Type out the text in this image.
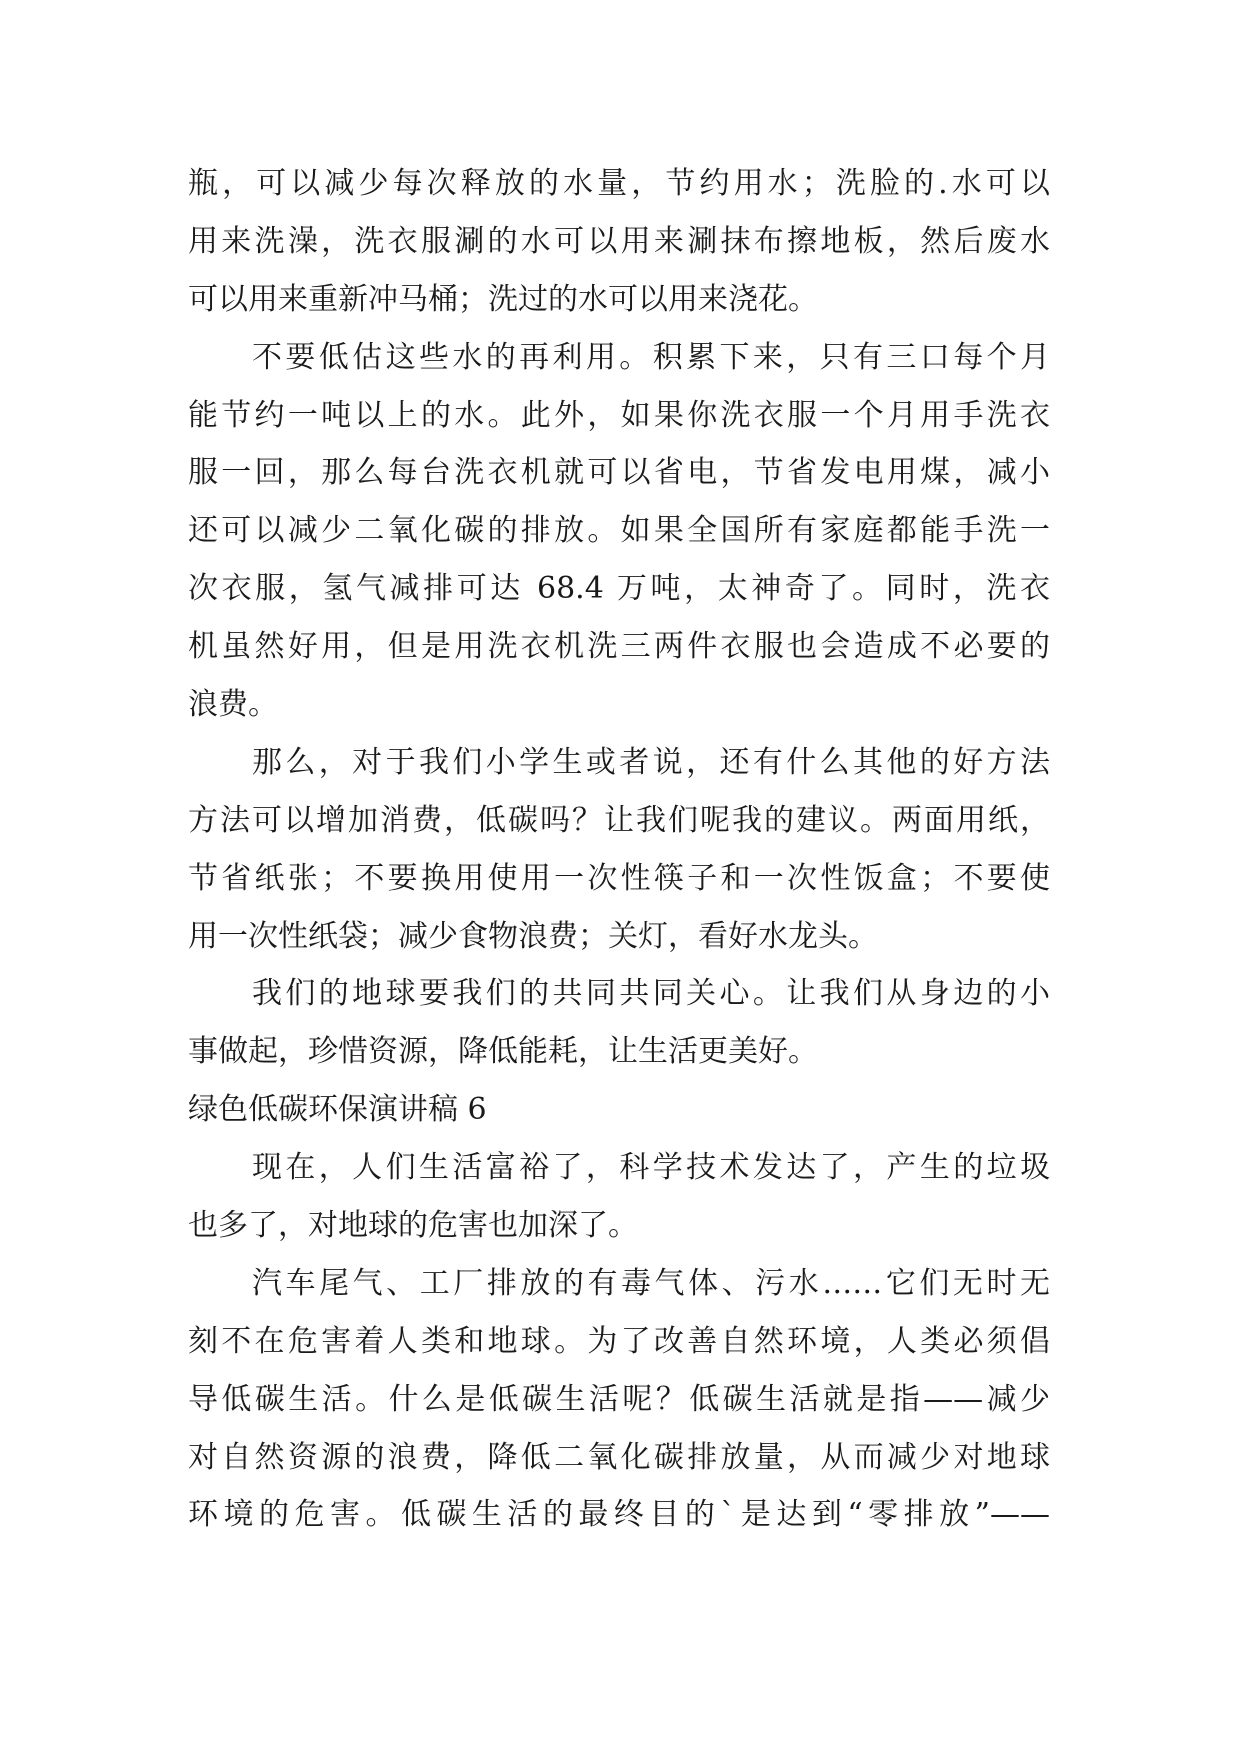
瓶，可以减少每次释放的水量，节约用水；洗脸的.水可以
用来洗澡，洗衣服涮的水可以用来涮抹布擦地板，然后废水
可以用来重新冲马桶；洗过的水可以用来浇花。
不要低估这些水的再利用。积累下来，只有三口每个月
能节约一吨以上的水。此外，如果你洗衣服一个月用手洗衣
服一回，那么每台洗衣机就可以省电，节省发电用煤，减小
还可以减少二氧化碳的排放。如果全国所有家庭都能手洗一
次衣服，氢气减排可达 68.4 万吨，太神奇了。同时，洗衣
机虽然好用，但是用洗衣机洗三两件衣服也会造成不必要的
浪费。
那么，对于我们小学生或者说，还有什么其他的好方法
方法可以增加消费，低碳吗？让我们呢我的建议。两面用纸，
节省纸张；不要换用使用一次性筷子和一次性饭盒；不要使
用一次性纸袋；减少食物浪费；关灯，看好水龙头。
我们的地球要我们的共同共同关心。让我们从身边的小
事做起，珍惜资源，降低能耗，让生活更美好。
绿色低碳环保演讲稿 6
现在，人们生活富裕了，科学技术发达了，产生的垃圾
也多了，对地球的危害也加深了。
汽车尾气、工厂排放的有毒气体、污水……它们无时无
刻不在危害着人类和地球。为了改善自然环境，人类必须倡
导低碳生活。什么是低碳生活呢？低碳生活就是指——减少
对自然资源的浪费，降低二氧化碳排放量，从而减少对地球
环境的危害。低碳生活的最终目的`是达到“零排放”——
